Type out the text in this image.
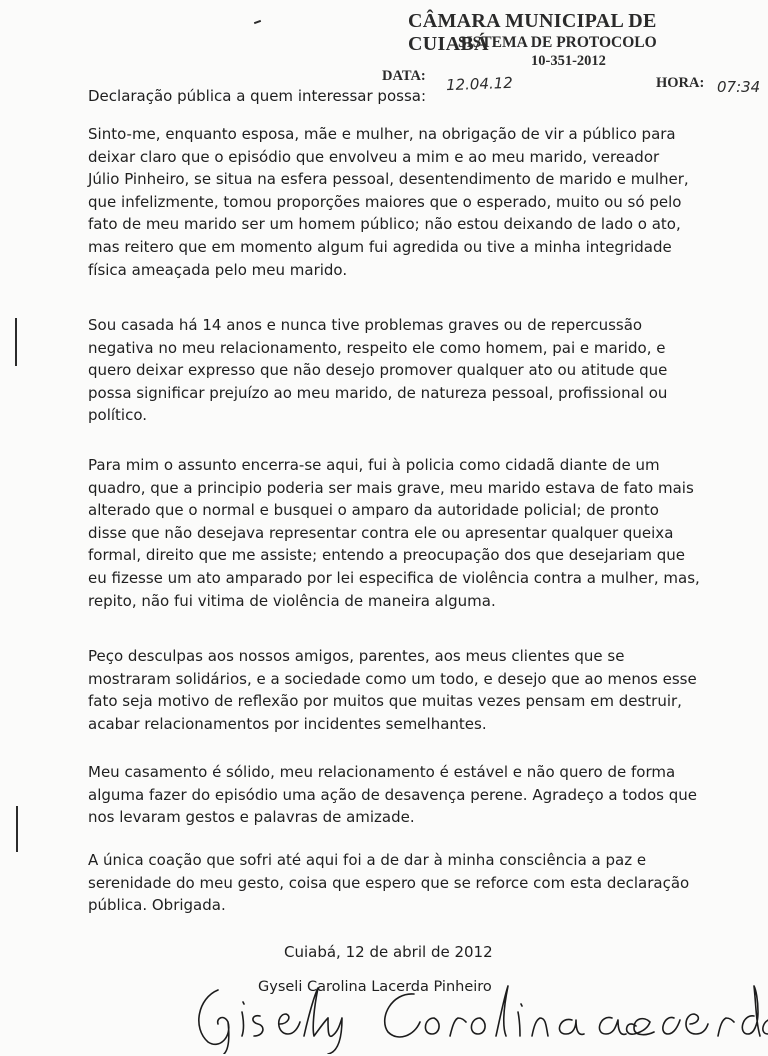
CÂMARA MUNICIPAL DE CUIABÁ
SISTEMA DE PROTOCOLO
10-351-2012
DATA: 12.04.12	HORA: 07:34
Declaração pública a quem interessar possa:
Sinto-me, enquanto esposa, mãe e mulher, na obrigação de vir a público para
deixar claro que o episódio que envolveu a mim e ao meu marido, vereador
Júlio Pinheiro, se situa na esfera pessoal, desentendimento de marido e mulher,
que infelizmente, tomou proporções maiores que o esperado, muito ou só pelo
fato de meu marido ser um homem público; não estou deixando de lado o ato,
mas reitero que em momento algum fui agredida ou tive a minha integridade
física ameaçada pelo meu marido.
Sou casada há 14 anos e nunca tive problemas graves ou de repercussão
negativa no meu relacionamento, respeito ele como homem, pai e marido, e
quero deixar expresso que não desejo promover qualquer ato ou atitude que
possa significar prejuízo ao meu marido, de natureza pessoal, profissional ou
político.
Para mim o assunto encerra-se aqui, fui à policia como cidadã diante de um
quadro, que a principio poderia ser mais grave, meu marido estava de fato mais
alterado que o normal e busquei o amparo da autoridade policial; de pronto
disse que não desejava representar contra ele ou apresentar qualquer queixa
formal, direito que me assiste; entendo a preocupação dos que desejariam que
eu fizesse um ato amparado por lei especifica de violência contra a mulher, mas,
repito, não fui vitima de violência de maneira alguma.
Peço desculpas aos nossos amigos, parentes, aos meus clientes que se
mostraram solidários, e a sociedade como um todo, e desejo que ao menos esse
fato seja motivo de reflexão por muitos que muitas vezes pensam em destruir,
acabar relacionamentos por incidentes semelhantes.
Meu casamento é sólido, meu relacionamento é estável e não quero de forma
alguma fazer do episódio uma ação de desavença perene. Agradeço a todos que
nos levaram gestos e palavras de amizade.
A única coação que sofri até aqui foi a de dar à minha consciência a paz e
serenidade do meu gesto, coisa que espero que se reforce com esta declaração
pública. Obrigada.
Cuiabá, 12 de abril de 2012
Gyseli Carolina Lacerda Pinheiro
